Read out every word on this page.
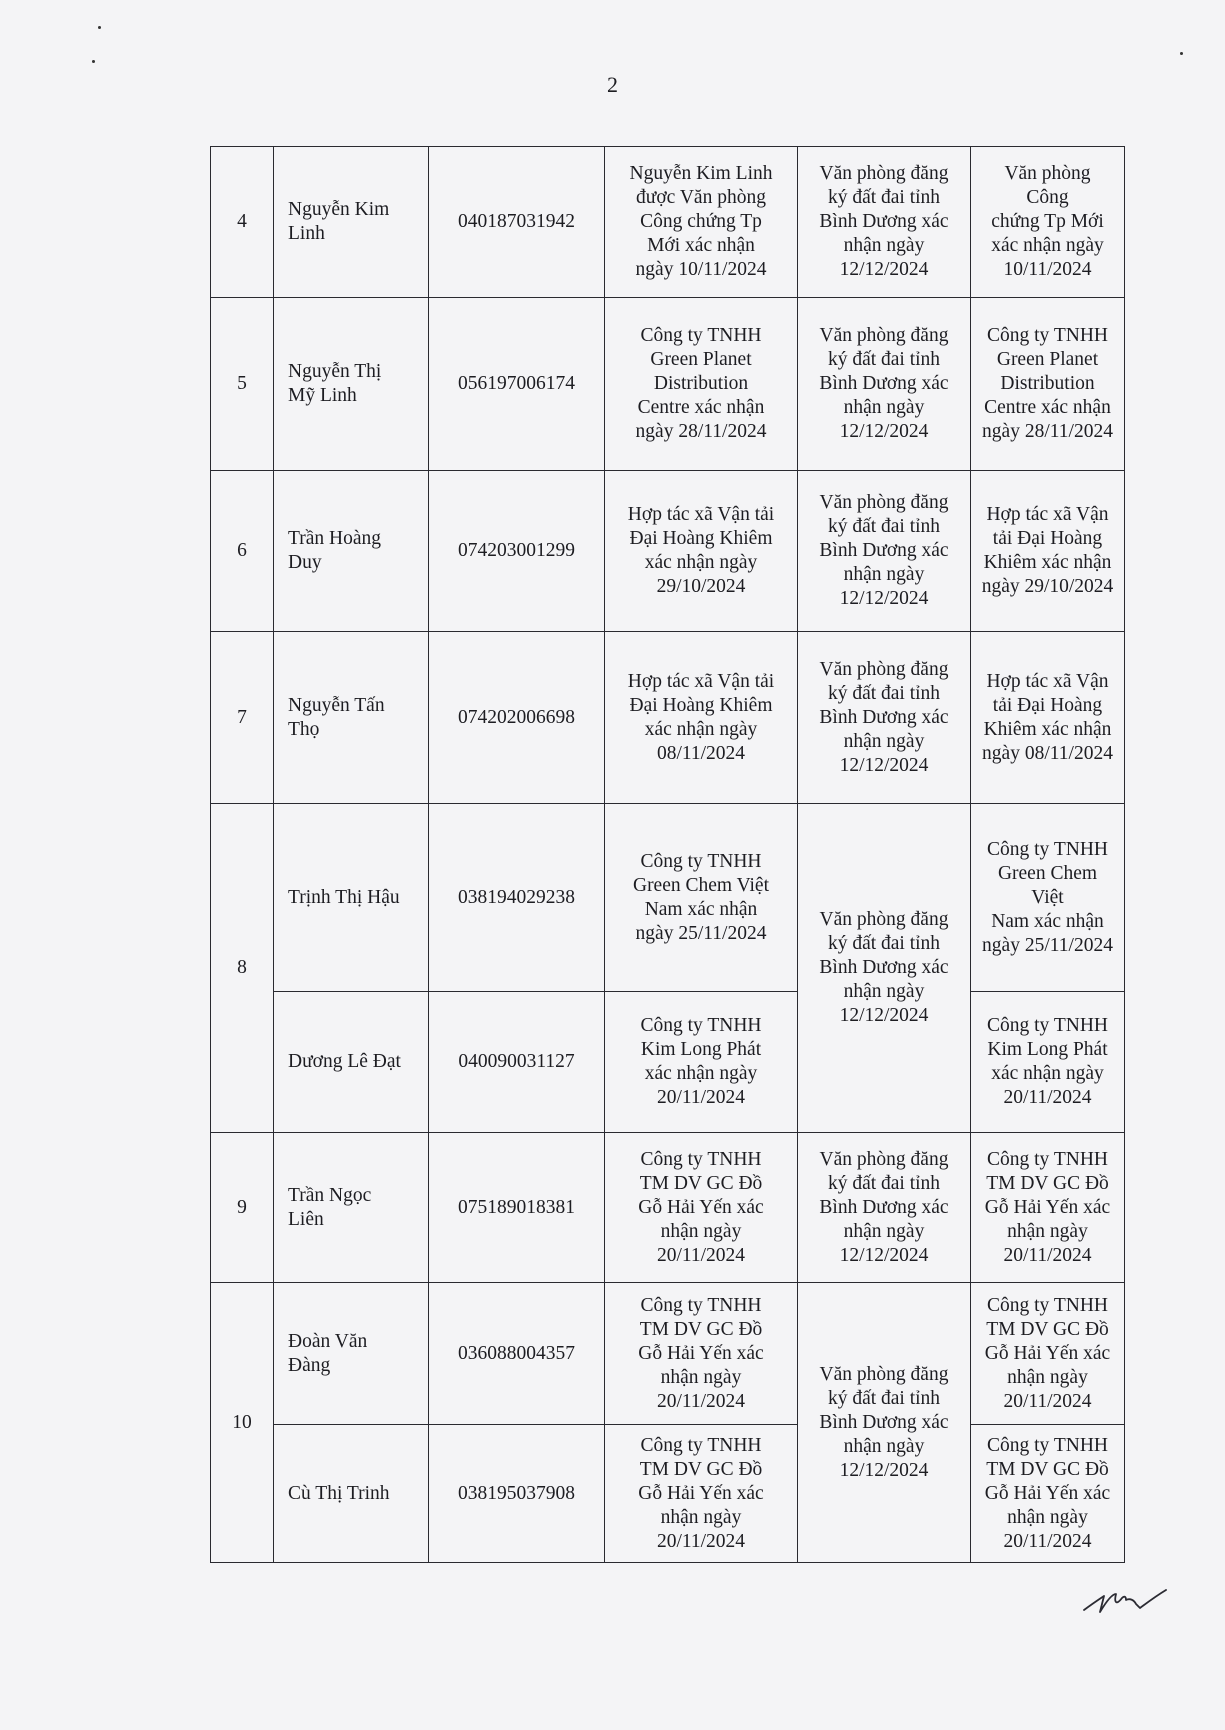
2
4	Nguyễn Kim
Linh	040187031942	Nguyễn Kim Linh
được Văn phòng
Công chứng Tp
Mới xác nhận
ngày 10/11/2024	Văn phòng đăng
ký đất đai tỉnh
Bình Dương xác
nhận ngày
12/12/2024	Văn phòng Công
chứng Tp Mới
xác nhận ngày
10/11/2024

5	Nguyễn Thị
Mỹ Linh	056197006174	Công ty TNHH
Green Planet
Distribution
Centre xác nhận
ngày 28/11/2024	Văn phòng đăng
ký đất đai tỉnh
Bình Dương xác
nhận ngày
12/12/2024	Công ty TNHH
Green Planet
Distribution
Centre xác nhận
ngày 28/11/2024

6	Trần Hoàng
Duy	074203001299	Hợp tác xã Vận tải
Đại Hoàng Khiêm
xác nhận ngày
29/10/2024	Văn phòng đăng
ký đất đai tỉnh
Bình Dương xác
nhận ngày
12/12/2024	Hợp tác xã Vận
tải Đại Hoàng
Khiêm xác nhận
ngày 29/10/2024

7	Nguyễn Tấn
Thọ	074202006698	Hợp tác xã Vận tải
Đại Hoàng Khiêm
xác nhận ngày
08/11/2024	Văn phòng đăng
ký đất đai tỉnh
Bình Dương xác
nhận ngày
12/12/2024	Hợp tác xã Vận
tải Đại Hoàng
Khiêm xác nhận
ngày 08/11/2024

8	Trịnh Thị Hậu	038194029238	Công ty TNHH
Green Chem Việt
Nam xác nhận
ngày 25/11/2024	Văn phòng đăng
ký đất đai tỉnh
Bình Dương xác
nhận ngày
12/12/2024	Công ty TNHH
Green Chem Việt
Nam xác nhận
ngày 25/11/2024

	Dương Lê Đạt	040090031127	Công ty TNHH
Kim Long Phát
xác nhận ngày
20/11/2024		Công ty TNHH
Kim Long Phát
xác nhận ngày
20/11/2024

9	Trần Ngọc
Liên	075189018381	Công ty TNHH
TM DV GC Đồ
Gỗ Hải Yến xác
nhận ngày
20/11/2024	Văn phòng đăng
ký đất đai tỉnh
Bình Dương xác
nhận ngày
12/12/2024	Công ty TNHH
TM DV GC Đồ
Gỗ Hải Yến xác
nhận ngày
20/11/2024

10	Đoàn Văn
Đàng	036088004357	Công ty TNHH
TM DV GC Đồ
Gỗ Hải Yến xác
nhận ngày
20/11/2024	Văn phòng đăng
ký đất đai tỉnh
Bình Dương xác
nhận ngày
12/12/2024	Công ty TNHH
TM DV GC Đồ
Gỗ Hải Yến xác
nhận ngày
20/11/2024

	Cù Thị Trinh	038195037908	Công ty TNHH
TM DV GC Đồ
Gỗ Hải Yến xác
nhận ngày
20/11/2024		Công ty TNHH
TM DV GC Đồ
Gỗ Hải Yến xác
nhận ngày
20/11/2024
